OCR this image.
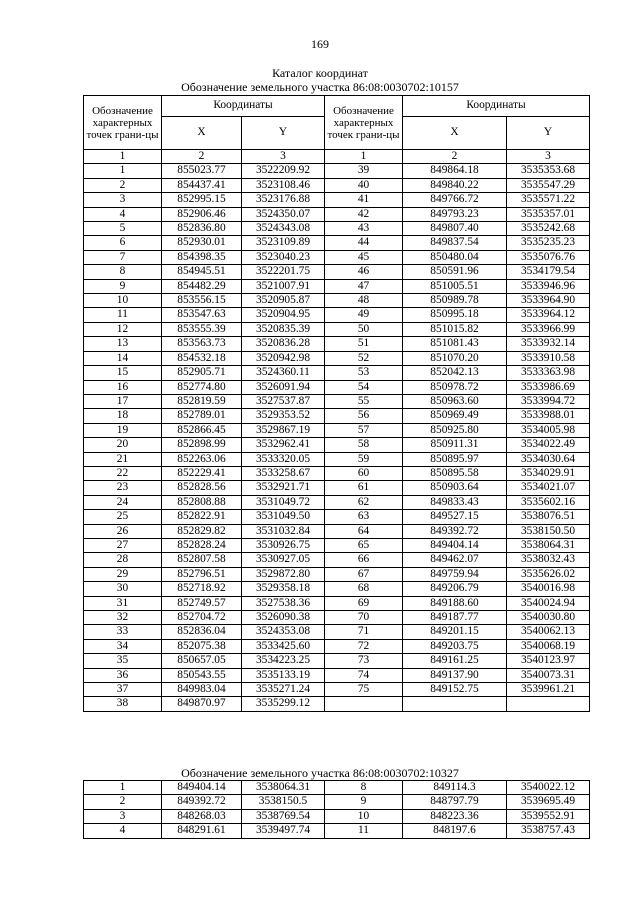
169
Каталог координат
Обозначение земельного участка 86:08:0030702:10157
Обозначение характерных точек грани-цы	Координаты		Обозначение характерных точек грани-цы	Координаты	
	X	Y		X	Y
1	2	3	1	2	3
1	855023.77	3522209.92	39	849864.18	3535353.68
2	854437.41	3523108.46	40	849840.22	3535547.29
3	852995.15	3523176.88	41	849766.72	3535571.22
4	852906.46	3524350.07	42	849793.23	3535357.01
5	852836.80	3524343.08	43	849807.40	3535242.68
6	852930.01	3523109.89	44	849837.54	3535235.23
7	854398.35	3523040.23	45	850480.04	3535076.76
8	854945.51	3522201.75	46	850591.96	3534179.54
9	854482.29	3521007.91	47	851005.51	3533946.96
10	853556.15	3520905.87	48	850989.78	3533964.90
11	853547.63	3520904.95	49	850995.18	3533964.12
12	853555.39	3520835.39	50	851015.82	3533966.99
13	853563.73	3520836.28	51	851081.43	3533932.14
14	854532.18	3520942.98	52	851070.20	3533910.58
15	852905.71	3524360.11	53	852042.13	3533363.98
16	852774.80	3526091.94	54	850978.72	3533986.69
17	852819.59	3527537.87	55	850963.60	3533994.72
18	852789.01	3529353.52	56	850969.49	3533988.01
19	852866.45	3529867.19	57	850925.80	3534005.98
20	852898.99	3532962.41	58	850911.31	3534022.49
21	852263.06	3533320.05	59	850895.97	3534030.64
22	852229.41	3533258.67	60	850895.58	3534029.91
23	852828.56	3532921.71	61	850903.64	3534021.07
24	852808.88	3531049.72	62	849833.43	3535602.16
25	852822.91	3531049.50	63	849527.15	3538076.51
26	852829.82	3531032.84	64	849392.72	3538150.50
27	852828.24	3530926.75	65	849404.14	3538064.31
28	852807.58	3530927.05	66	849462.07	3538032.43
29	852796.51	3529872.80	67	849759.94	3535626.02
30	852718.92	3529358.18	68	849206.79	3540016.98
31	852749.57	3527538.36	69	849188.60	3540024.94
32	852704.72	3526090.38	70	849187.77	3540030.80
33	852836.04	3524353.08	71	849201.15	3540062.13
34	852075.38	3533425.60	72	849203.75	3540068.19
35	850657.05	3534223.25	73	849161.25	3540123.97
36	850543.55	3535133.19	74	849137.90	3540073.31
37	849983.04	3535271.24	75	849152.75	3539961.21
38	849870.97	3535299.12			
Обозначение земельного участка 86:08:0030702:10327
1	849404.14	3538064.31	8	849114.3	3540022.12
2	849392.72	3538150.5	9	848797.79	3539695.49
3	848268.03	3538769.54	10	848223.36	3539552.91
4	848291.61	3539497.74	11	848197.6	3538757.43
